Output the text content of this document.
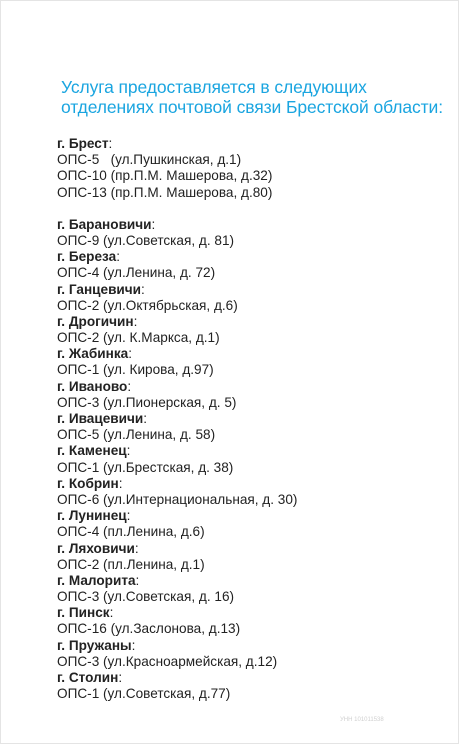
Услуга предоставляется в следующих
отделениях почтовой связи Брестской области:
г. Брест:
ОПС-5   (ул.Пушкинская, д.1)
ОПС-10 (пр.П.М. Машерова, д.32)
ОПС-13 (пр.П.М. Машерова, д.80)
г. Барановичи:
ОПС-9 (ул.Советская, д. 81)
г. Береза:
ОПС-4 (ул.Ленина, д. 72)
г. Ганцевичи:
ОПС-2 (ул.Октябрьская, д.6)
г. Дрогичин:
ОПС-2 (ул. К.Маркса, д.1)
г. Жабинка:
ОПС-1 (ул. Кирова, д.97)
г. Иваново:
ОПС-3 (ул.Пионерская, д. 5)
г. Ивацевичи:
ОПС-5 (ул.Ленина, д. 58)
г. Каменец:
ОПС-1 (ул.Брестская, д. 38)
г. Кобрин:
ОПС-6 (ул.Интернациональная, д. 30)
г. Лунинец:
ОПС-4 (пл.Ленина, д.6)
г. Ляховичи:
ОПС-2 (пл.Ленина, д.1)
г. Малорита:
ОПС-3 (ул.Советская, д. 16)
г. Пинск:
ОПС-16 (ул.Заслонова, д.13)
г. Пружаны:
ОПС-3 (ул.Красноармейская, д.12)
г. Столин:
ОПС-1 (ул.Советская, д.77)
УНН 101011538
